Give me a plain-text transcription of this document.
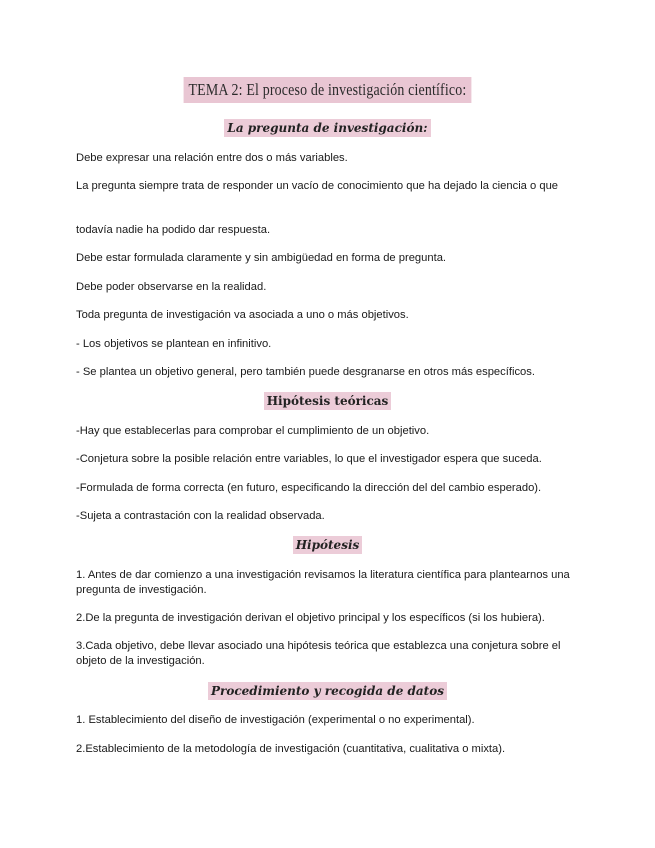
TEMA 2: El proceso de investigación científico:
La pregunta de investigación:

Debe expresar una relación entre dos o más variables.

La pregunta siempre trata de responder un vacío de conocimiento que ha dejado la ciencia o que

todavía nadie ha podido dar respuesta.

Debe estar formulada claramente y sin ambigüedad en forma de pregunta.

Debe poder observarse en la realidad.

Toda pregunta de investigación va asociada a uno o más objetivos.

- Los objetivos se plantean en infinitivo.

- Se plantea un objetivo general, pero también puede desgranarse en otros más específicos.

Hipótesis teóricas

-Hay que establecerlas para comprobar el cumplimiento de un objetivo.

-Conjetura sobre la posible relación entre variables, lo que el investigador espera que suceda.

-Formulada de forma correcta (en futuro, especificando la dirección del del cambio esperado).

-Sujeta a contrastación con la realidad observada.

Hipótesis

1. Antes de dar comienzo a una investigación revisamos la literatura científica para plantearnos una pregunta de investigación.

2.De la pregunta de investigación derivan el objetivo principal y los específicos (si los hubiera).

3.Cada objetivo, debe llevar asociado una hipótesis teórica que establezca una conjetura sobre el objeto de la investigación.

Procedimiento y recogida de datos

1. Establecimiento del diseño de investigación (experimental o no experimental).

2.Establecimiento de la metodología de investigación (cuantitativa, cualitativa o mixta).
